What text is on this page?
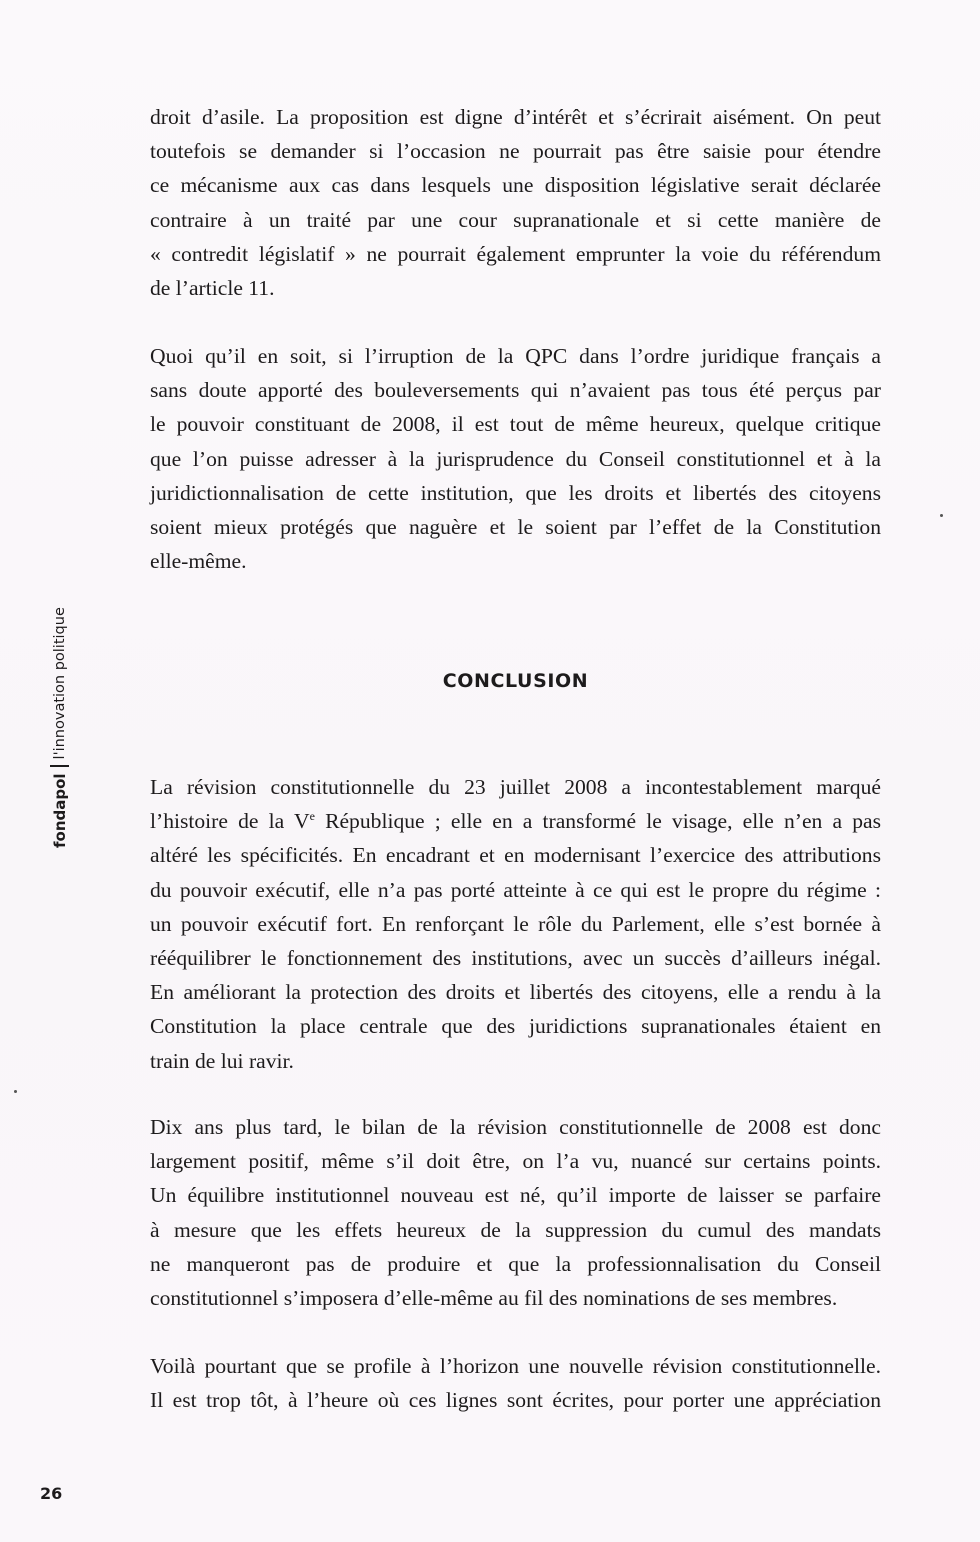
fondapol
l'innovation politique
droit d’asile. La proposition est digne d’intérêt et s’écrirait aisément. On peut
toutefois se demander si l’occasion ne pourrait pas être saisie pour étendre
ce mécanisme aux cas dans lesquels une disposition législative serait déclarée
contraire à un traité par une cour supranationale et si cette manière de
« contredit législatif » ne pourrait également emprunter la voie du référendum
de l’article 11.
Quoi qu’il en soit, si l’irruption de la QPC dans l’ordre juridique français a
sans doute apporté des bouleversements qui n’avaient pas tous été perçus par
le pouvoir constituant de 2008, il est tout de même heureux, quelque critique
que l’on puisse adresser à la jurisprudence du Conseil constitutionnel et à la
juridictionnalisation de cette institution, que les droits et libertés des citoyens
soient mieux protégés que naguère et le soient par l’effet de la Constitution
elle-même.
CONCLUSION
La révision constitutionnelle du 23 juillet 2008 a incontestablement marqué
l’histoire de la Ve République ; elle en a transformé le visage, elle n’en a pas
altéré les spécificités. En encadrant et en modernisant l’exercice des attributions
du pouvoir exécutif, elle n’a pas porté atteinte à ce qui est le propre du régime :
un pouvoir exécutif fort. En renforçant le rôle du Parlement, elle s’est bornée à
rééquilibrer le fonctionnement des institutions, avec un succès d’ailleurs inégal.
En améliorant la protection des droits et libertés des citoyens, elle a rendu à la
Constitution la place centrale que des juridictions supranationales étaient en
train de lui ravir.
Dix ans plus tard, le bilan de la révision constitutionnelle de 2008 est donc
largement positif, même s’il doit être, on l’a vu, nuancé sur certains points.
Un équilibre institutionnel nouveau est né, qu’il importe de laisser se parfaire
à mesure que les effets heureux de la suppression du cumul des mandats
ne manqueront pas de produire et que la professionnalisation du Conseil
constitutionnel s’imposera d’elle-même au fil des nominations de ses membres.
Voilà pourtant que se profile à l’horizon une nouvelle révision constitutionnelle.
Il est trop tôt, à l’heure où ces lignes sont écrites, pour porter une appréciation
26
